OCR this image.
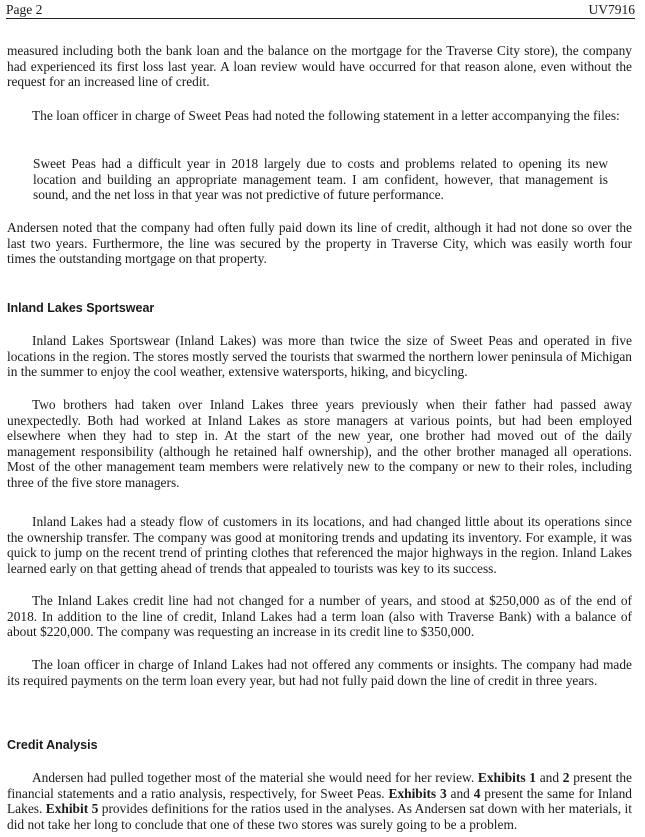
Page 2	UV7916

measured including both the bank loan and the balance on the mortgage for the Traverse City store), the company had experienced its first loss last year. A loan review would have occurred for that reason alone, even without the request for an increased line of credit.

The loan officer in charge of Sweet Peas had noted the following statement in a letter accompanying the files:

Sweet Peas had a difficult year in 2018 largely due to costs and problems related to opening its new location and building an appropriate management team. I am confident, however, that management is sound, and the net loss in that year was not predictive of future performance.

Andersen noted that the company had often fully paid down its line of credit, although it had not done so over the last two years. Furthermore, the line was secured by the property in Traverse City, which was easily worth four times the outstanding mortgage on that property.

Inland Lakes Sportswear

Inland Lakes Sportswear (Inland Lakes) was more than twice the size of Sweet Peas and operated in five locations in the region. The stores mostly served the tourists that swarmed the northern lower peninsula of Michigan in the summer to enjoy the cool weather, extensive watersports, hiking, and bicycling.

Two brothers had taken over Inland Lakes three years previously when their father had passed away unexpectedly. Both had worked at Inland Lakes as store managers at various points, but had been employed elsewhere when they had to step in. At the start of the new year, one brother had moved out of the daily management responsibility (although he retained half ownership), and the other brother managed all operations. Most of the other management team members were relatively new to the company or new to their roles, including three of the five store managers.

Inland Lakes had a steady flow of customers in its locations, and had changed little about its operations since the ownership transfer. The company was good at monitoring trends and updating its inventory. For example, it was quick to jump on the recent trend of printing clothes that referenced the major highways in the region. Inland Lakes learned early on that getting ahead of trends that appealed to tourists was key to its success.

The Inland Lakes credit line had not changed for a number of years, and stood at $250,000 as of the end of 2018. In addition to the line of credit, Inland Lakes had a term loan (also with Traverse Bank) with a balance of about $220,000. The company was requesting an increase in its credit line to $350,000.

The loan officer in charge of Inland Lakes had not offered any comments or insights. The company had made its required payments on the term loan every year, but had not fully paid down the line of credit in three years.

Credit Analysis

Andersen had pulled together most of the material she would need for her review. Exhibits 1 and 2 present the financial statements and a ratio analysis, respectively, for Sweet Peas. Exhibits 3 and 4 present the same for Inland Lakes. Exhibit 5 provides definitions for the ratios used in the analyses. As Andersen sat down with her materials, it did not take her long to conclude that one of these two stores was surely going to be a problem.
